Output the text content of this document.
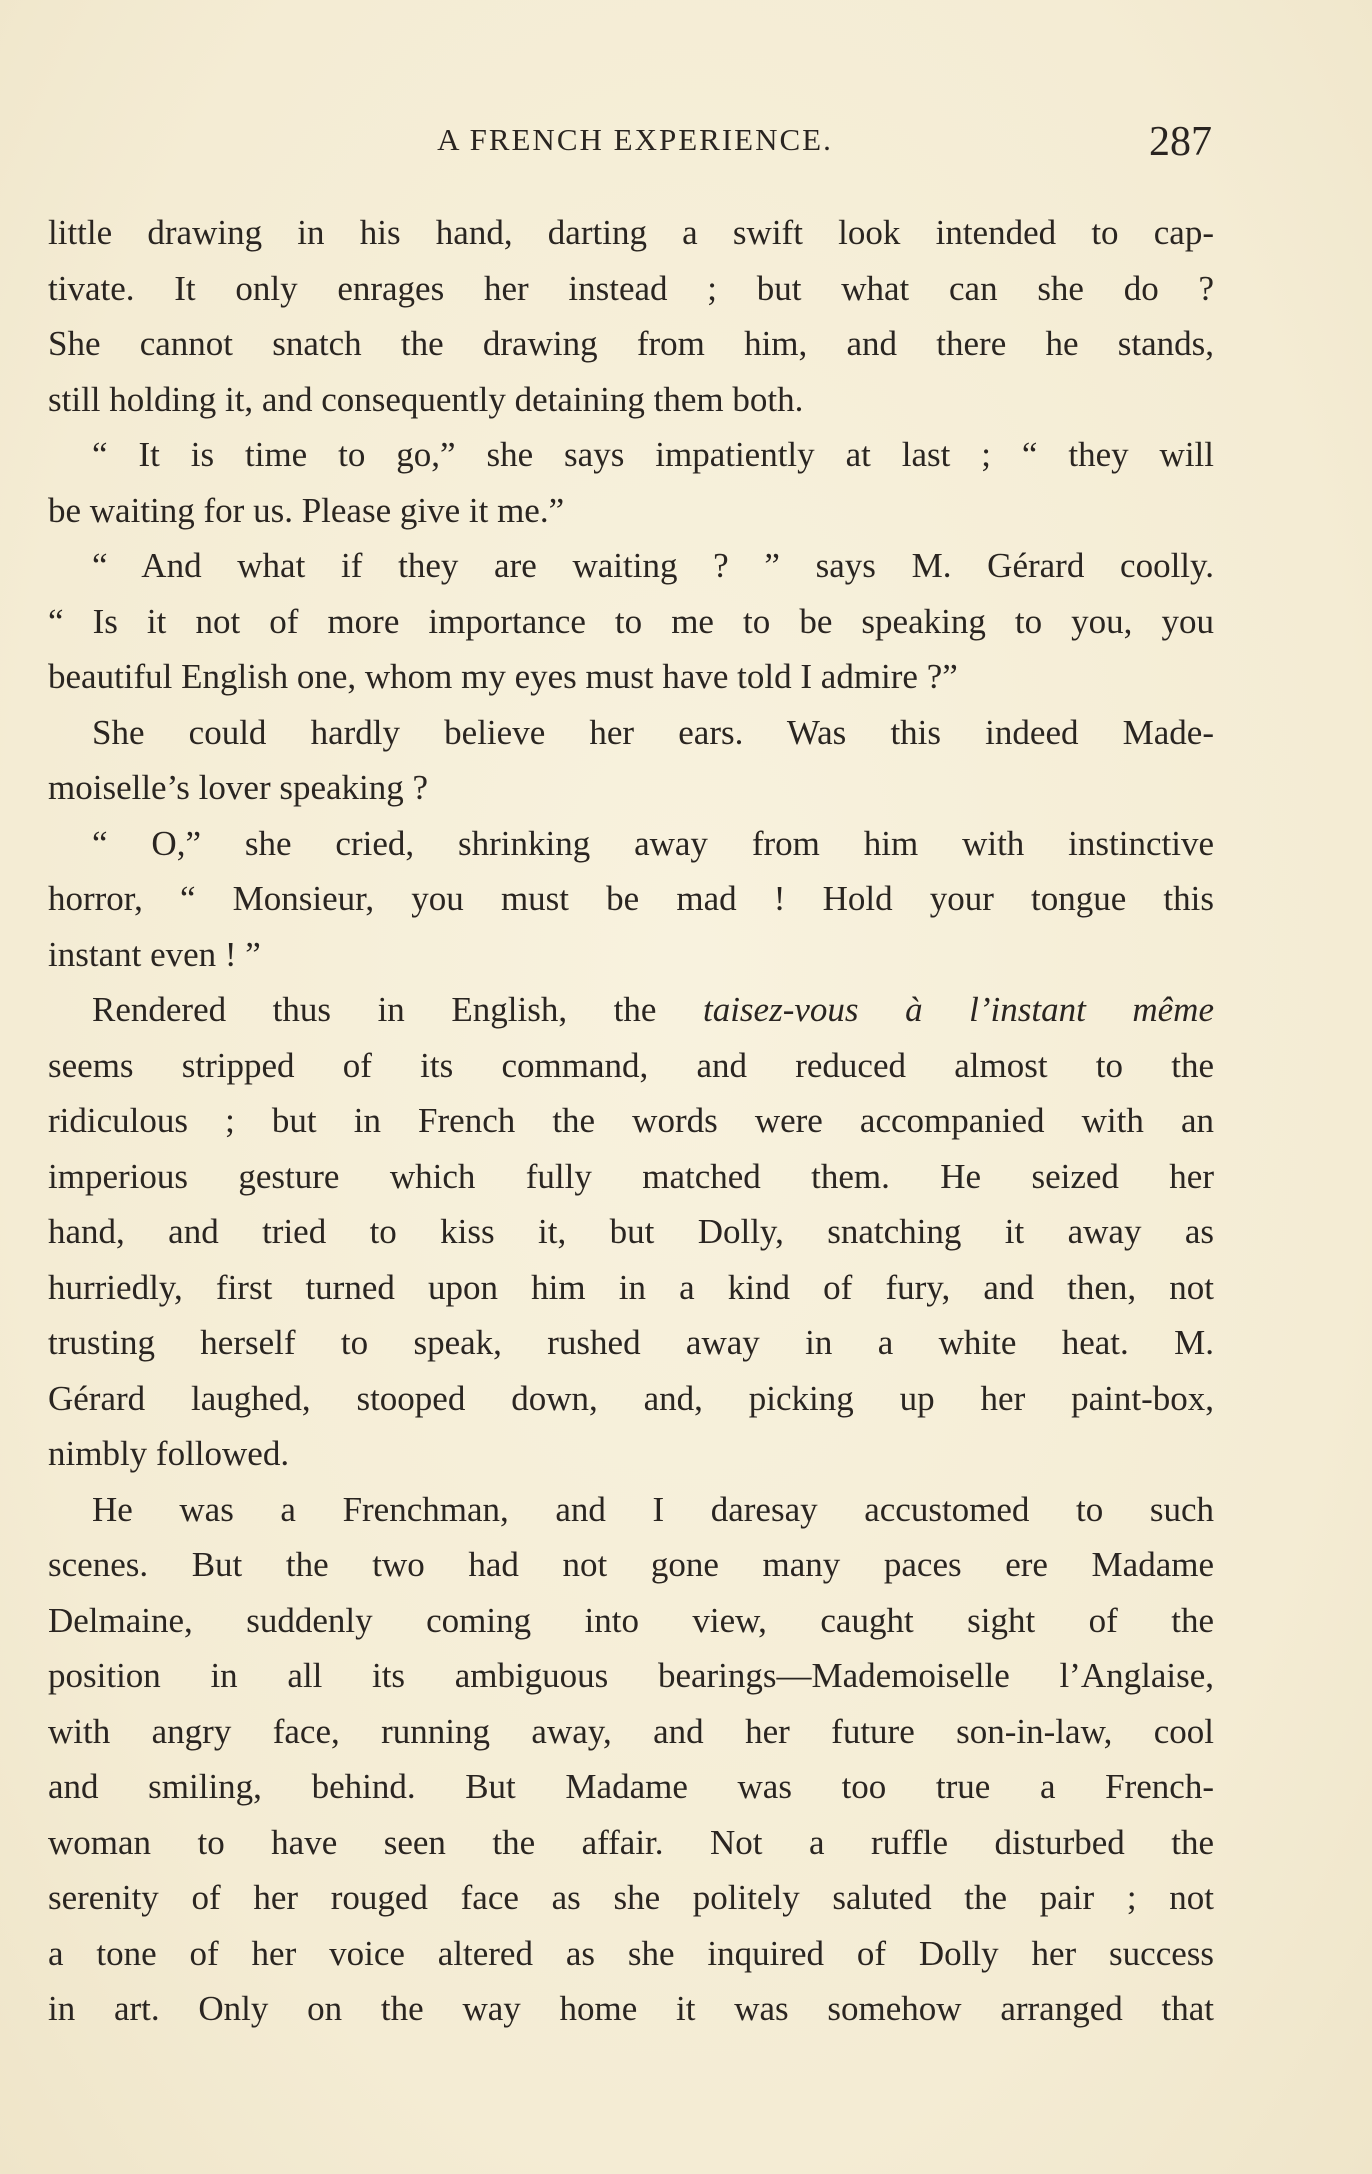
A FRENCH EXPERIENCE.	287
little drawing in his hand, darting a swift look intended to cap-
tivate. It only enrages her instead ; but what can she do ?
She cannot snatch the drawing from him, and there he stands,
still holding it, and consequently detaining them both.
“ It is time to go,” she says impatiently at last ; “ they will
be waiting for us. Please give it me.”
“ And what if they are waiting ? ” says M. Gérard coolly.
“ Is it not of more importance to me to be speaking to you, you
beautiful English one, whom my eyes must have told I admire ?”
She could hardly believe her ears. Was this indeed Made-
moiselle’s lover speaking ?
“ O,” she cried, shrinking away from him with instinctive
horror, “ Monsieur, you must be mad ! Hold your tongue this
instant even ! ”
Rendered thus in English, the taisez-vous à l’instant même
seems stripped of its command, and reduced almost to the
ridiculous ; but in French the words were accompanied with an
imperious gesture which fully matched them. He seized her
hand, and tried to kiss it, but Dolly, snatching it away as
hurriedly, first turned upon him in a kind of fury, and then, not
trusting herself to speak, rushed away in a white heat. M.
Gérard laughed, stooped down, and, picking up her paint-box,
nimbly followed.
He was a Frenchman, and I daresay accustomed to such
scenes. But the two had not gone many paces ere Madame
Delmaine, suddenly coming into view, caught sight of the
position in all its ambiguous bearings—Mademoiselle l’Anglaise,
with angry face, running away, and her future son-in-law, cool
and smiling, behind. But Madame was too true a French-
woman to have seen the affair. Not a ruffle disturbed the
serenity of her rouged face as she politely saluted the pair ; not
a tone of her voice altered as she inquired of Dolly her success
in art. Only on the way home it was somehow arranged that
